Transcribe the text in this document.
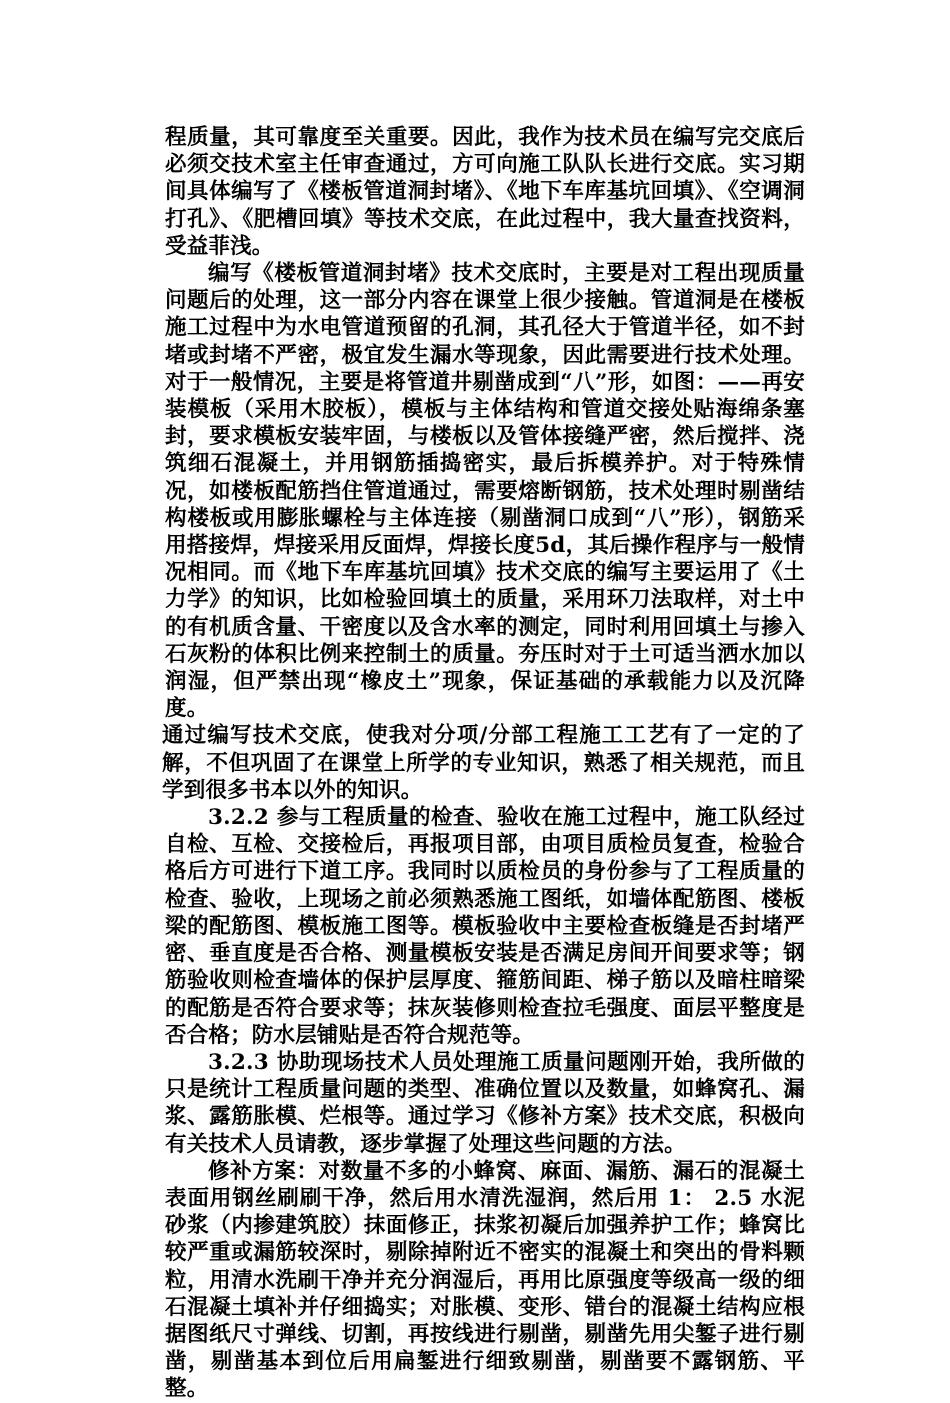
程质量，其可靠度至关重要。因此，我作为技术员在编写完交底后必须交技术室主任审查通过，方可向施工队队长进行交底。实习期间具体编写了《楼板管道洞封堵》、《地下车库基坑回填》、《空调洞打孔》、《肥槽回填》等技术交底，在此过程中，我大量查找资料，受益菲浅。

编写《楼板管道洞封堵》技术交底时，主要是对工程出现质量问题后的处理，这一部分内容在课堂上很少接触。管道洞是在楼板施工过程中为水电管道预留的孔洞，其孔径大于管道半径，如不封堵或封堵不严密，极宜发生漏水等现象，因此需要进行技术处理。对于一般情况，主要是将管道井剔凿成到“八”形，如图：——再安装模板（采用木胶板），模板与主体结构和管道交接处贴海绵条塞封，要求模板安装牢固，与楼板以及管体接缝严密，然后搅拌、浇筑细石混凝土，并用钢筋插捣密实，最后拆模养护。对于特殊情况，如楼板配筋挡住管道通过，需要熔断钢筋，技术处理时剔凿结构楼板或用膨胀螺栓与主体连接（剔凿洞口成到“八”形），钢筋采用搭接焊，焊接采用反面焊，焊接长度5d，其后操作程序与一般情况相同。而《地下车库基坑回填》技术交底的编写主要运用了《土力学》的知识，比如检验回填土的质量，采用环刀法取样，对土中的有机质含量、干密度以及含水率的测定，同时利用回填土与掺入石灰粉的体积比例来控制土的质量。夯压时对于土可适当洒水加以润湿，但严禁出现“橡皮土”现象，保证基础的承载能力以及沉降度。

通过编写技术交底，使我对分项/分部工程施工工艺有了一定的了解，不但巩固了在课堂上所学的专业知识，熟悉了相关规范，而且学到很多书本以外的知识。

3.2.2 参与工程质量的检查、验收在施工过程中，施工队经过自检、互检、交接检后，再报项目部，由项目质检员复查，检验合格后方可进行下道工序。我同时以质检员的身份参与了工程质量的检查、验收，上现场之前必须熟悉施工图纸，如墙体配筋图、楼板梁的配筋图、模板施工图等。模板验收中主要检查板缝是否封堵严密、垂直度是否合格、测量模板安装是否满足房间开间要求等；钢筋验收则检查墙体的保护层厚度、箍筋间距、梯子筋以及暗柱暗梁的配筋是否符合要求等；抹灰装修则检查拉毛强度、面层平整度是否合格；防水层铺贴是否符合规范等。

3.2.3 协助现场技术人员处理施工质量问题刚开始，我所做的只是统计工程质量问题的类型、准确位置以及数量，如蜂窝孔、漏浆、露筋胀模、烂根等。通过学习《修补方案》技术交底，积极向有关技术人员请教，逐步掌握了处理这些问题的方法。

修补方案：对数量不多的小蜂窝、麻面、漏筋、漏石的混凝土表面用钢丝刷刷干净，然后用水清洗湿润，然后用 1： 2.5 水泥砂浆（内掺建筑胶）抹面修正，抹浆初凝后加强养护工作；蜂窝比较严重或漏筋较深时，剔除掉附近不密实的混凝土和突出的骨料颗粒，用清水洗刷干净并充分润湿后，再用比原强度等级高一级的细石混凝土填补并仔细捣实；对胀模、变形、错台的混凝土结构应根据图纸尺寸弹线、切割，再按线进行剔凿，剔凿先用尖錾子进行剔凿，剔凿基本到位后用扁錾进行细致剔凿，剔凿要不露钢筋、平整。
